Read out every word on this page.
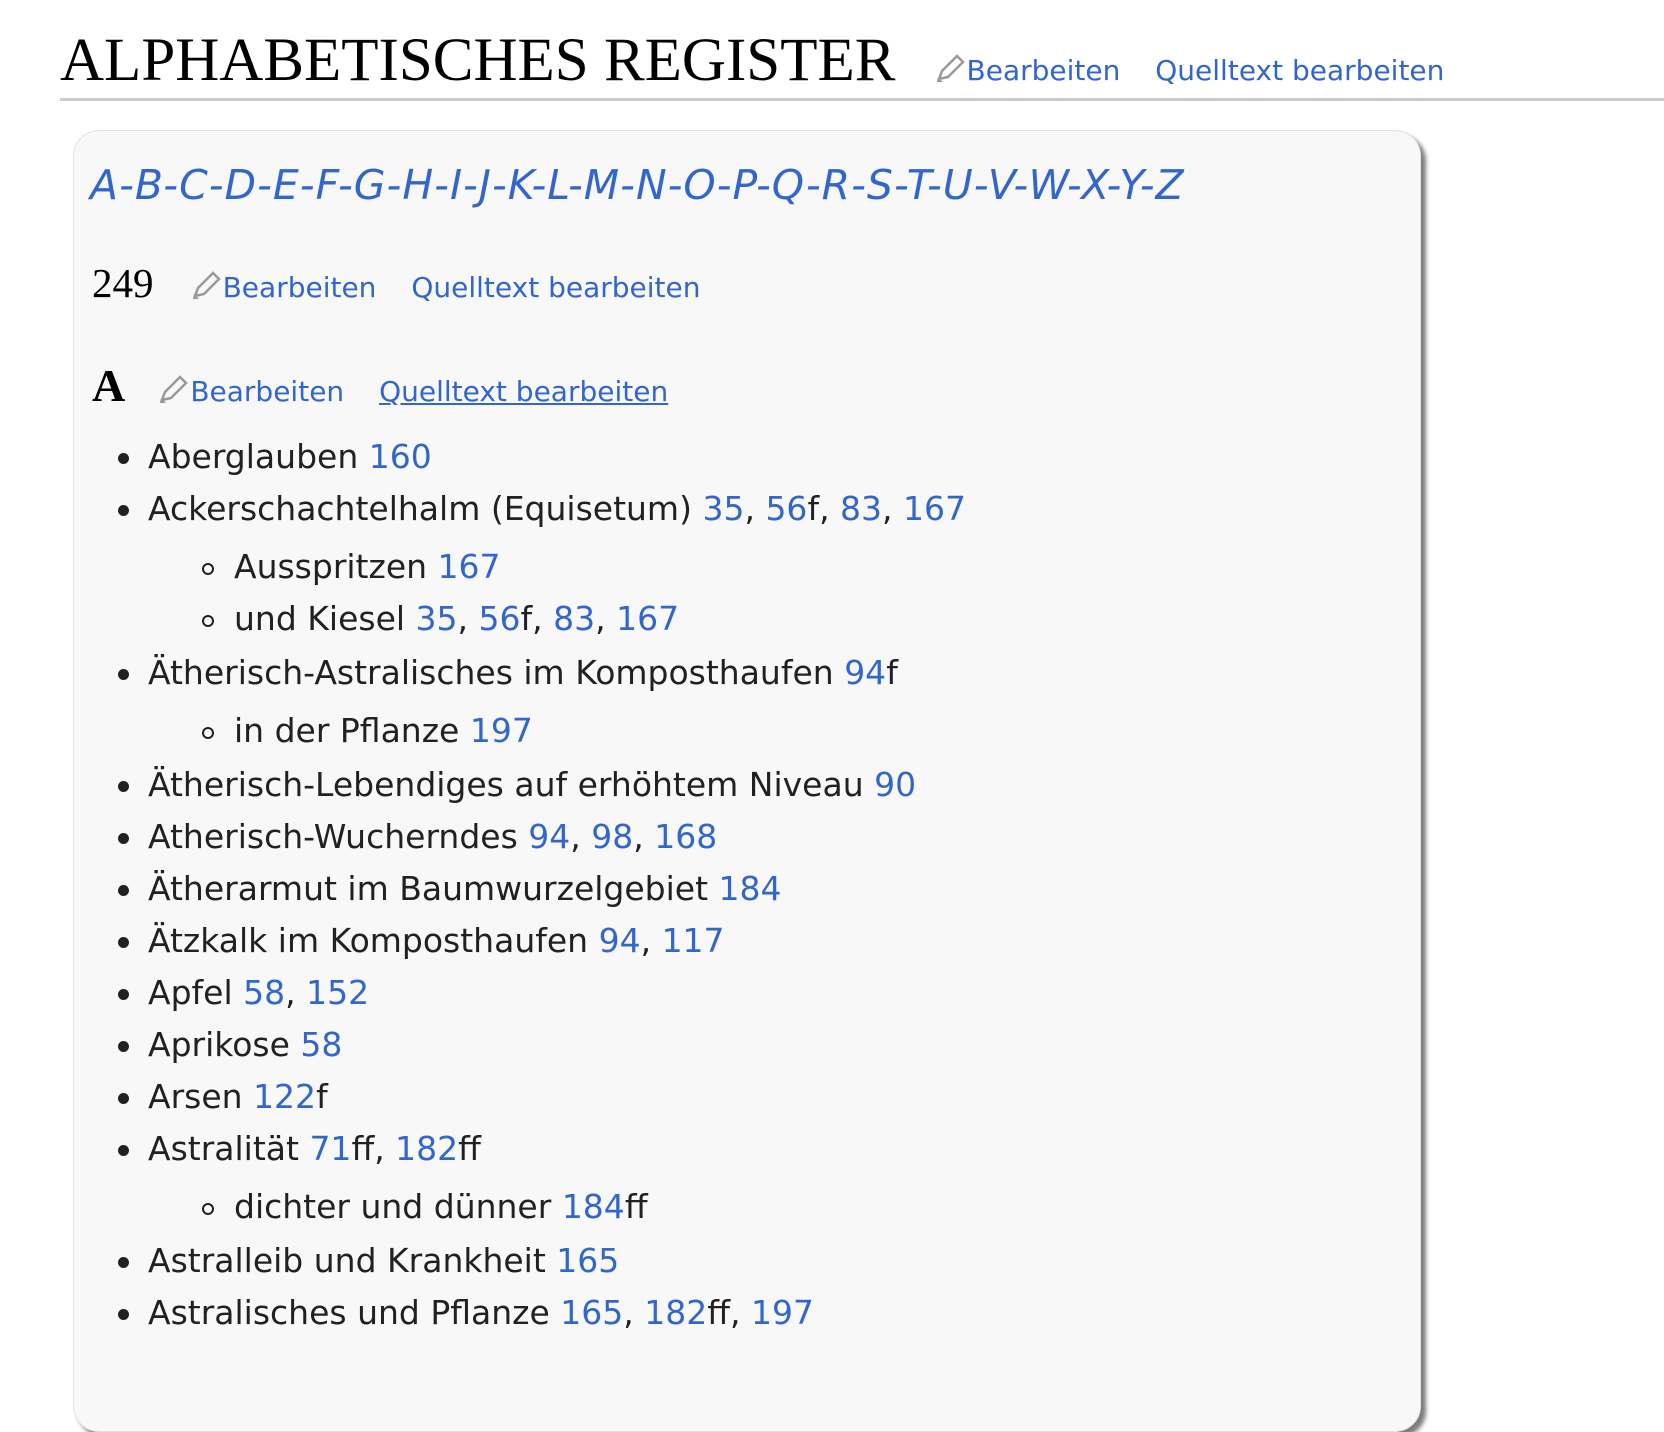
ALPHABETISCHES REGISTER	Bearbeiten Quelltext bearbeiten
A-B-C-D-E-F-G-H-I-J-K-L-M-N-O-P-Q-R-S-T-U-V-W-X-Y-Z
249 Bearbeiten Quelltext bearbeiten
A Bearbeiten Quelltext bearbeiten
Aberglauben 160
Ackerschachtelhalm (Equisetum) 35, 56f, 83, 167
Ausspritzen 167
und Kiesel 35, 56f, 83, 167
Ätherisch-Astralisches im Komposthaufen 94f
in der Pflanze 197
Ätherisch-Lebendiges auf erhöhtem Niveau 90
Atherisch-Wucherndes 94, 98, 168
Ätherarmut im Baumwurzelgebiet 184
Ätzkalk im Komposthaufen 94, 117
Apfel 58, 152
Aprikose 58
Arsen 122f
Astralität 71ff, 182ff
dichter und dünner 184ff
Astralleib und Krankheit 165
Astralisches und Pflanze 165, 182ff, 197
